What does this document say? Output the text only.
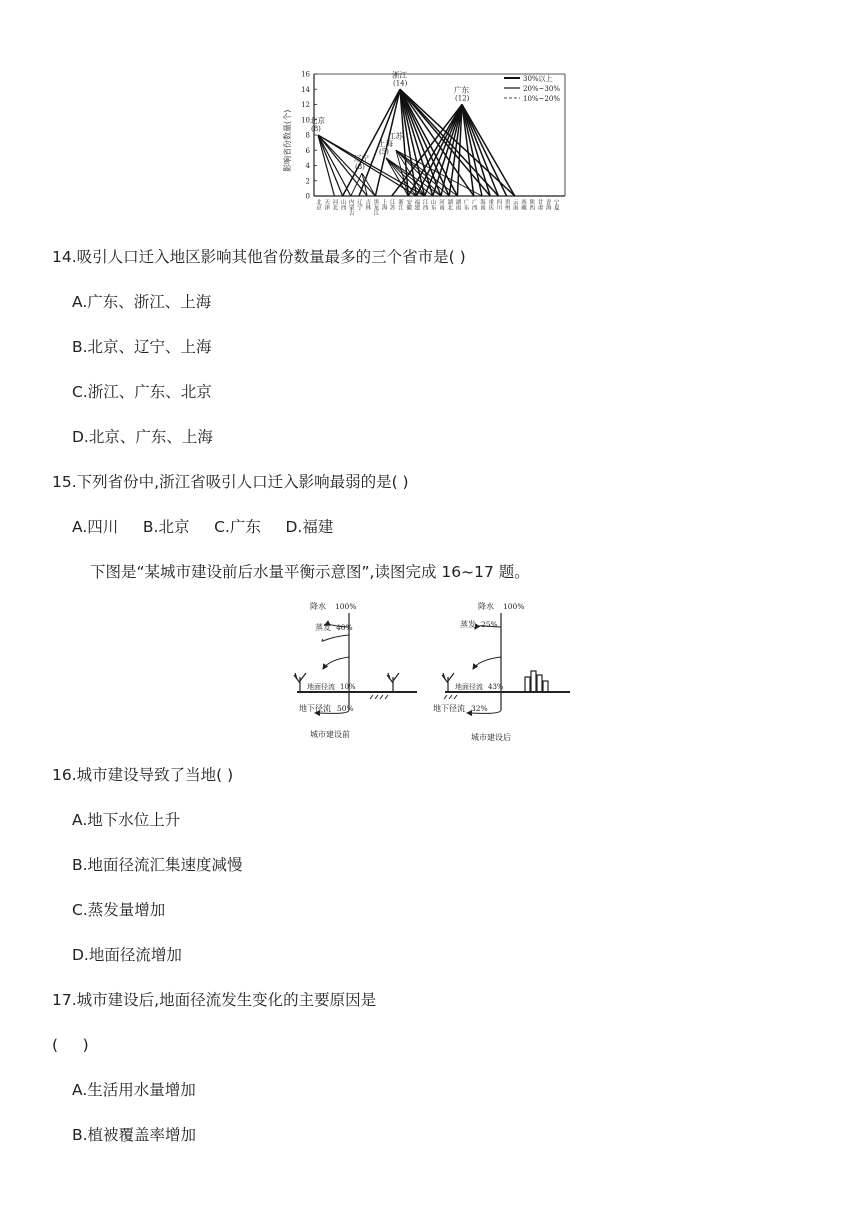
影响省份数量(个)
0
2
4
6
8
10
12
14
16
北京
(8)
辽宁
(3)
上海
(5)
江苏
浙江
(14)
广东
(12)
北京 天津 河北 山西 内蒙古 辽宁 吉林 黑龙江 上海 江苏 浙江 安徽 福建 江西 山东 河南 湖北 湖南 广东 广西 海南 重庆 四川 贵州 云南 西藏 陕西 甘肃 青海 宁夏
30%以上
20%~30%
10%~20%
14.吸引人口迁入地区影响其他省份数量最多的三个省市是( )
A.广东、浙江、上海
B.北京、辽宁、上海
C.浙江、广东、北京
D.北京、广东、上海
15.下列省份中,浙江省吸引人口迁入影响最弱的是( )
A.四川     B.北京     C.广东     D.福建
下图是“某城市建设前后水量平衡示意图”,读图完成 16~17 题。
降水 100%
蒸发 40%
地面径流 10%
地下径流 50%
城市建设前
降水 100%
蒸发 25%
地面径流 43%
地下径流 32%
城市建设后
16.城市建设导致了当地( )
A.地下水位上升
B.地面径流汇集速度减慢
C.蒸发量增加
D.地面径流增加
17.城市建设后,地面径流发生变化的主要原因是
(     )
A.生活用水量增加
B.植被覆盖率增加
